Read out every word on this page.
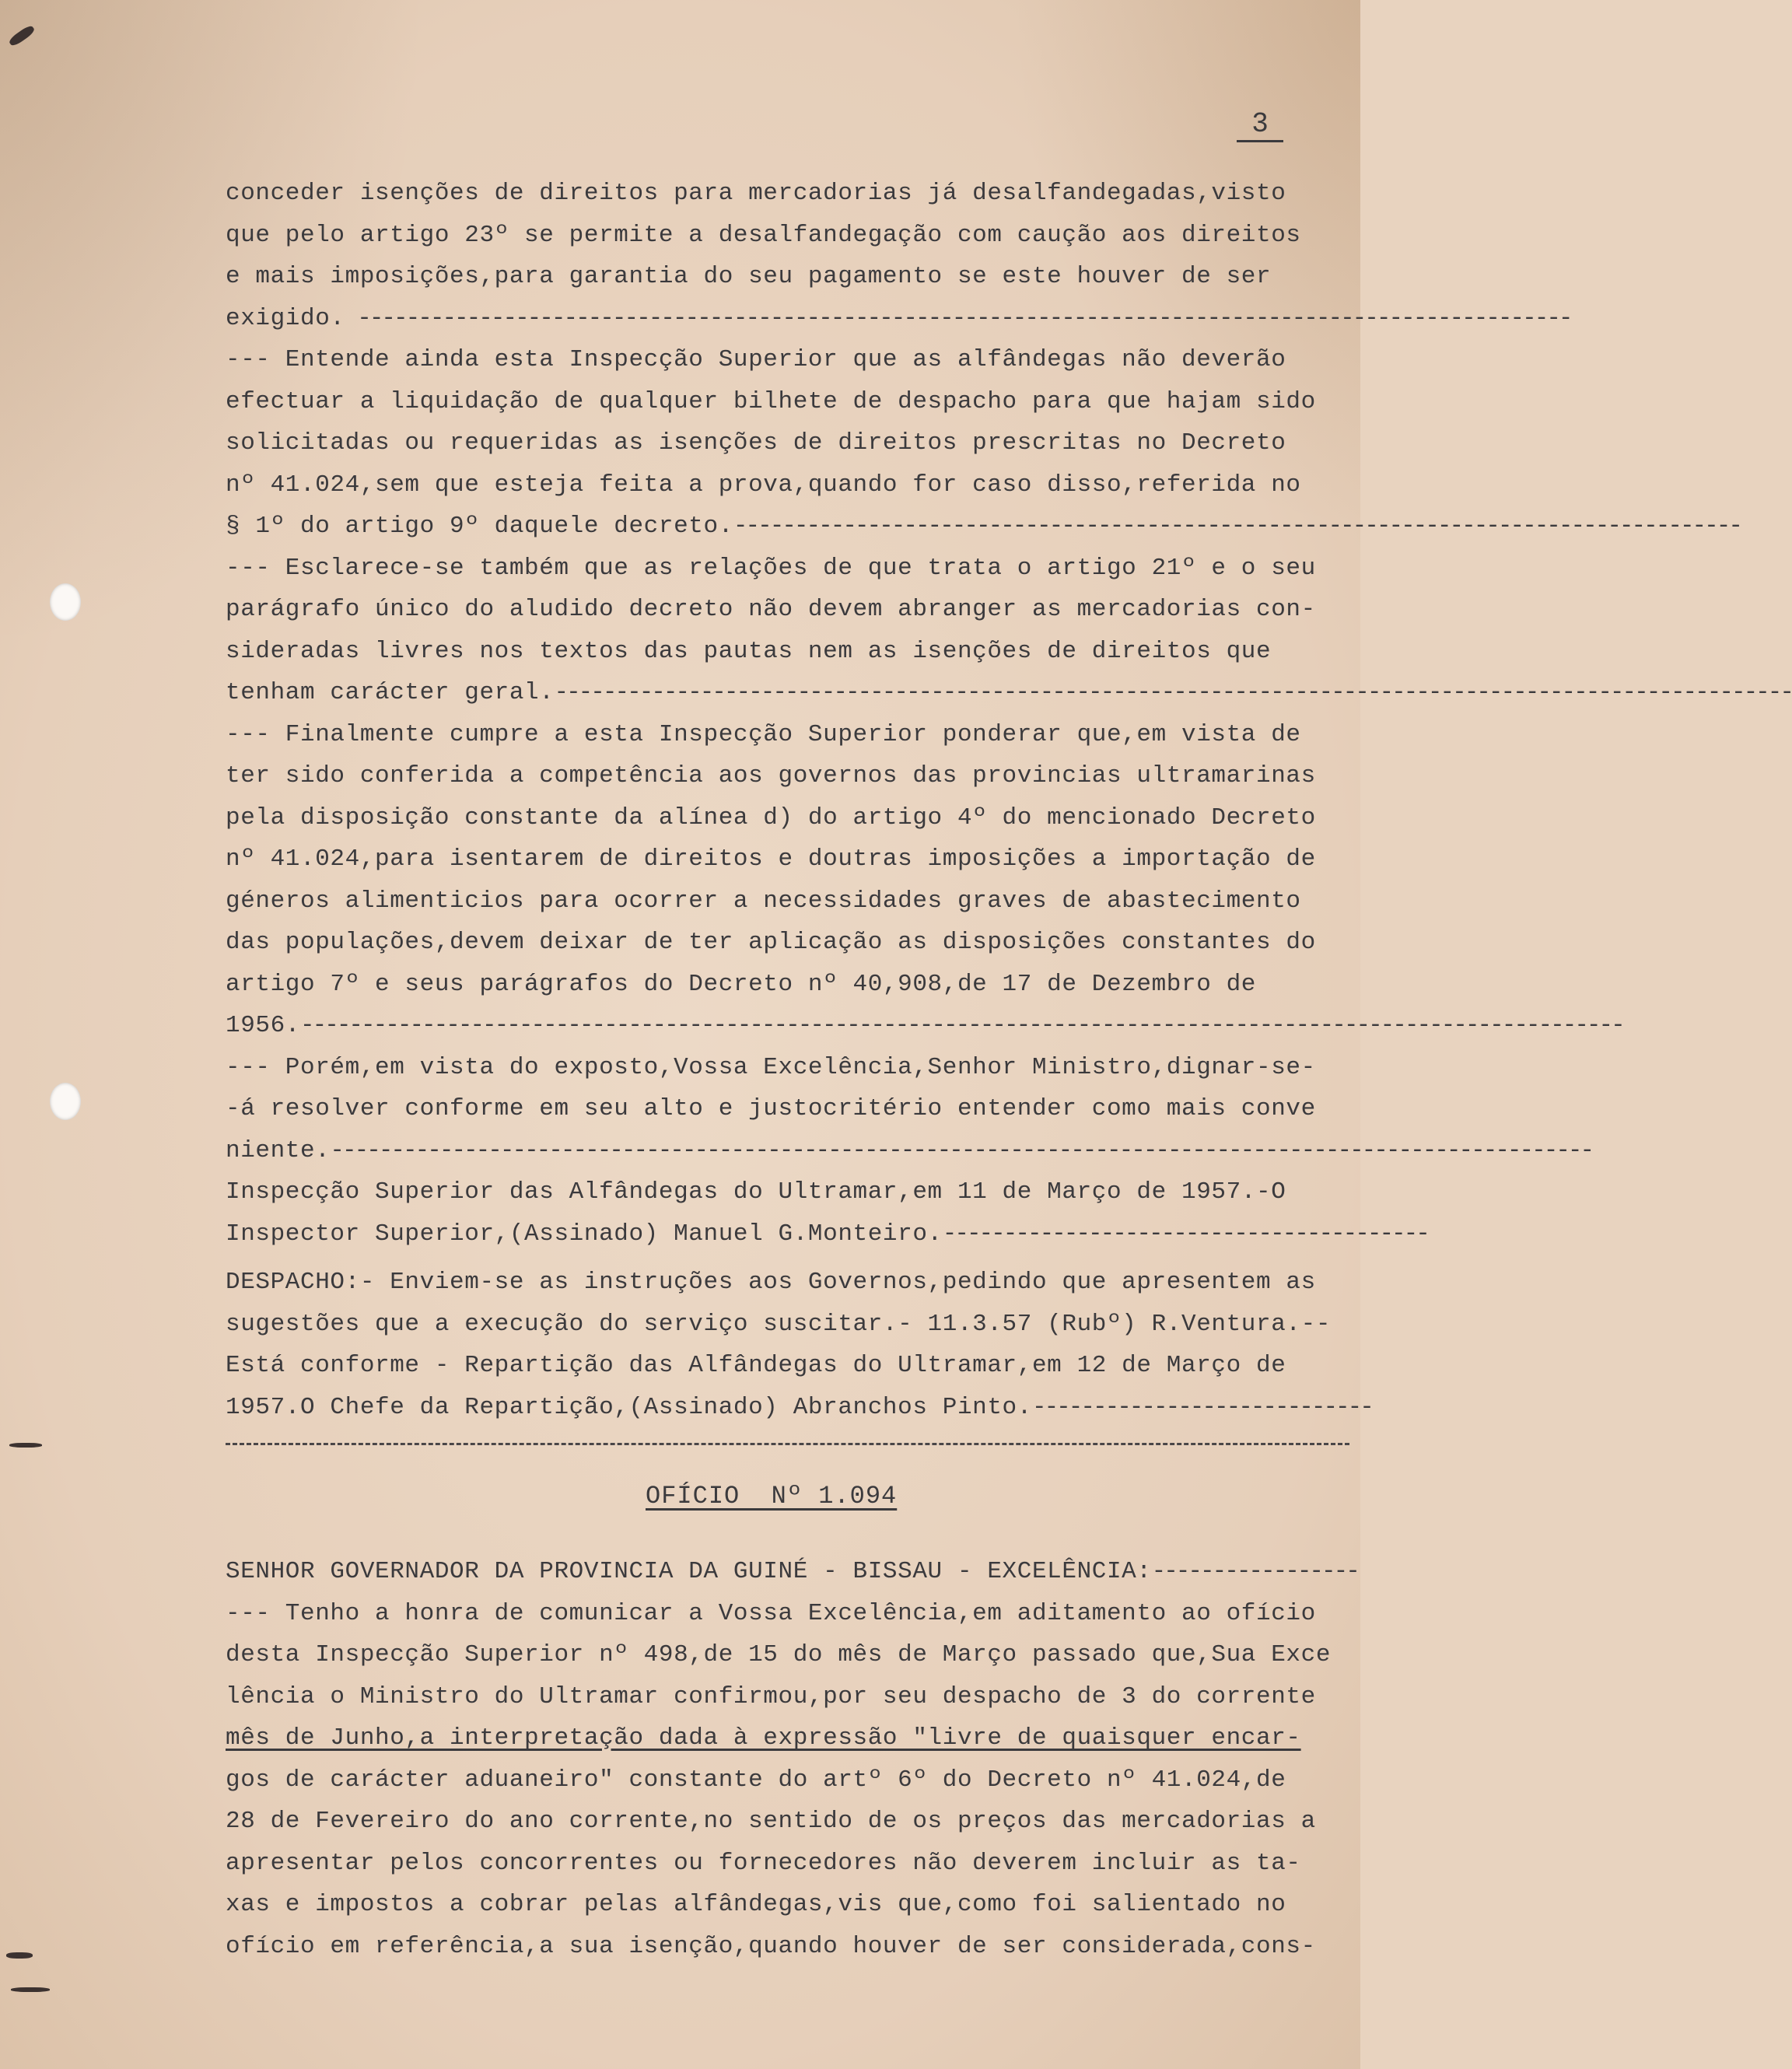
3
conceder isenções de direitos para mercadorias já desalfandegadas,visto
que pelo artigo 23º se permite a desalfandegação com caução aos direitos
e mais imposições,para garantia do seu pagamento se este houver de ser
exigido. ----------------------------------------------------------------------------------------------------
--- Entende ainda esta Inspecção Superior que as alfândegas não deverão
efectuar a liquidação de qualquer bilhete de despacho para que hajam sido
solicitadas ou requeridas as isenções de direitos prescritas no Decreto
nº 41.024,sem que esteja feita a prova,quando for caso disso,referida no
§ 1º do artigo 9º daquele decreto.-----------------------------------------------------------------------------------
--- Esclarece-se também que as relações de que trata o artigo 21º e o seu
parágrafo único do aludido decreto não devem abranger as mercadorias con-
sideradas livres nos textos das pautas nem as isenções de direitos que
tenham carácter geral.------------------------------------------------------------------------------------------------------
--- Finalmente cumpre a esta Inspecção Superior ponderar que,em vista de
ter sido conferida a competência aos governos das provincias ultramarinas
pela disposição constante da alínea d) do artigo 4º do mencionado Decreto
nº 41.024,para isentarem de direitos e doutras imposições a importação de
géneros alimenticios para ocorrer a necessidades graves de abastecimento
das populações,devem deixar de ter aplicação as disposições constantes do
artigo 7º e seus parágrafos do Decreto nº 40,908,de 17 de Dezembro de
1956.-------------------------------------------------------------------------------------------------------------
--- Porém,em vista do exposto,Vossa Excelência,Senhor Ministro,dignar-se-
-á resolver conforme em seu alto e justocritério entender como mais conve
niente.--------------------------------------------------------------------------------------------------------
Inspecção Superior das Alfândegas do Ultramar,em 11 de Março de 1957.-O
Inspector Superior,(Assinado) Manuel G.Monteiro.----------------------------------------
DESPACHO:- Enviem-se as instruções aos Governos,pedindo que apresentem as
sugestões que a execução do serviço suscitar.- 11.3.57 (Rubº) R.Ventura.--
Está conforme - Repartição das Alfândegas do Ultramar,em 12 de Março de
1957.O Chefe da Repartição,(Assinado) Abranchos Pinto.----------------------------
OFÍCIO  Nº 1.094
SENHOR GOVERNADOR DA PROVINCIA DA GUINÉ - BISSAU - EXCELÊNCIA:-----------------
--- Tenho a honra de comunicar a Vossa Excelência,em aditamento ao ofício
desta Inspecção Superior nº 498,de 15 do mês de Março passado que,Sua Exce
lência o Ministro do Ultramar confirmou,por seu despacho de 3 do corrente
mês de Junho,a interpretação dada à expressão "livre de quaisquer encar-
gos de carácter aduaneiro" constante do artº 6º do Decreto nº 41.024,de
28 de Fevereiro do ano corrente,no sentido de os preços das mercadorias a
apresentar pelos concorrentes ou fornecedores não deverem incluir as ta-
xas e impostos a cobrar pelas alfândegas,vis que,como foi salientado no
ofício em referência,a sua isenção,quando houver de ser considerada,cons-
